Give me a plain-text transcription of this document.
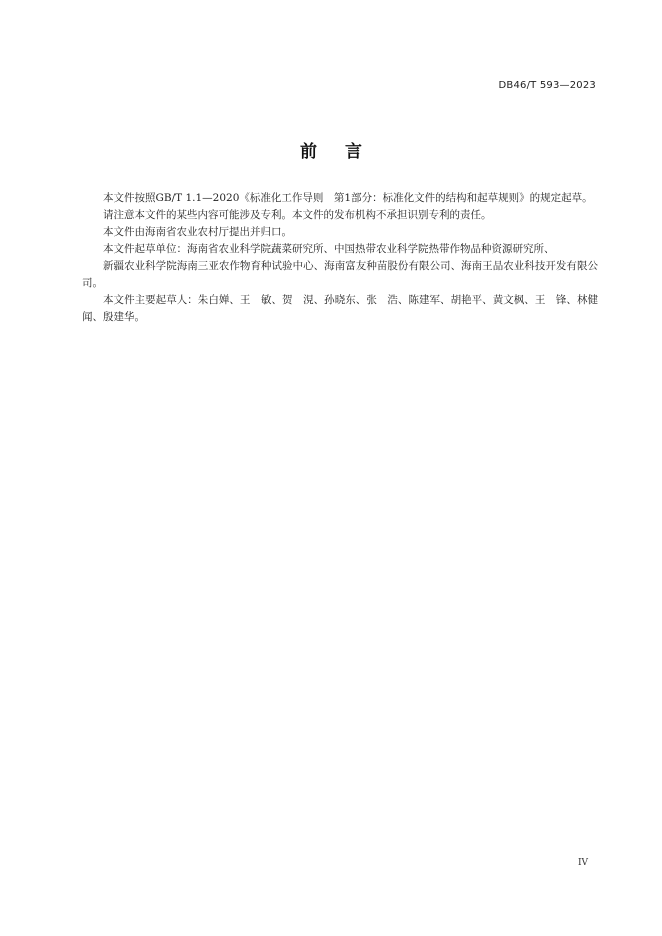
DB46/T 593—2023
前言

本文件按照GB/T 1.1—2020《标准化工作导则　第1部分：标准化文件的结构和起草规则》的规定起草。

请注意本文件的某些内容可能涉及专利。本文件的发布机构不承担识别专利的责任。

本文件由海南省农业农村厅提出并归口。

本文件起草单位：海南省农业科学院蔬菜研究所、中国热带农业科学院热带作物品种资源研究所、

新疆农业科学院海南三亚农作物育种试验中心、海南富友种苗股份有限公司、海南王品农业科技开发有限公司。

本文件主要起草人：朱白婵、王　敏、贺　涀、孙晓东、张　浩、陈建军、胡艳平、黄文枫、王　锋、林健闻、殷建华。

IV
